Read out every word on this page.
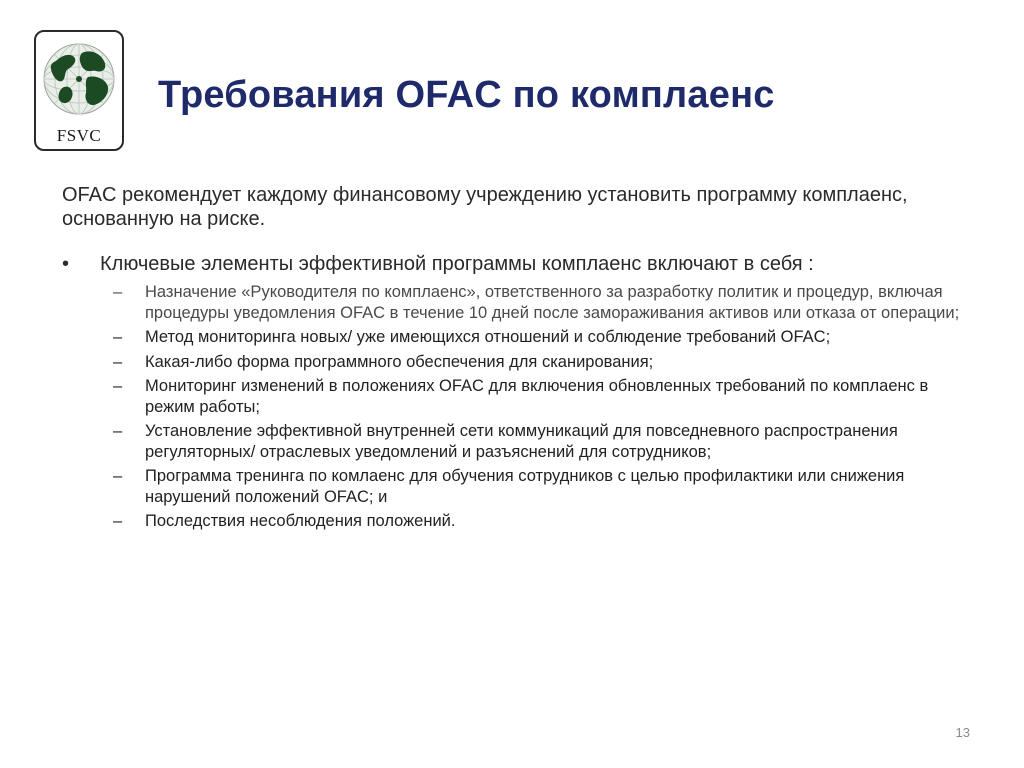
FSVC
Требования OFAC по комплаенс

OFAC рекомендует каждому финансовому учреждению установить программу комплаенс, основанную на риске.

• Ключевые элементы эффективной программы комплаенс включают в себя :
– Назначение «Руководителя по комплаенс», ответственного за разработку политик и процедур, включая процедуры уведомления OFAC в течение 10 дней после замораживания активов или отказа от операции;
– Метод мониторинга новых/ уже имеющихся отношений и соблюдение требований OFAC;
– Какая-либо форма программного обеспечения для сканирования;
– Мониторинг изменений в положениях OFAC для включения обновленных требований по комплаенс в режим работы;
– Установление эффективной внутренней сети коммуникаций для повседневного распространения регуляторных/ отраслевых уведомлений и разъяснений для сотрудников;
– Программа тренинга по комлаенс для обучения сотрудников с целью профилактики или снижения нарушений положений OFAC; и
– Последствия несоблюдения положений.
13
